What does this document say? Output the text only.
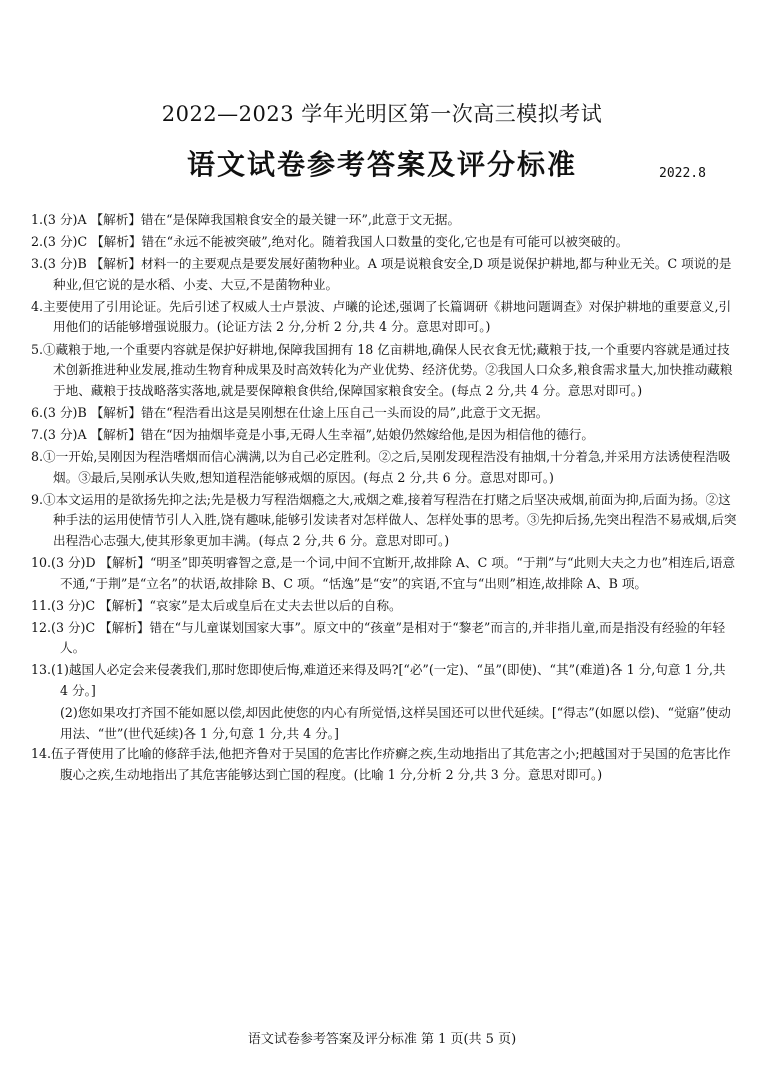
2022—2023 学年光明区第一次高三模拟考试
语文试卷参考答案及评分标准	2022.8

1.(3 分)A 【解析】错在“是保障我国粮食安全的最关键一环”,此意于文无据。

2.(3 分)C 【解析】错在“永远不能被突破”,绝对化。随着我国人口数量的变化,它也是有可能可以被突破的。

3.(3 分)B 【解析】材料一的主要观点是要发展好菌物种业。A 项是说粮食安全,D 项是说保护耕地,都与种业无关。C 项说的是种业,但它说的是水稻、小麦、大豆,不是菌物种业。

4.主要使用了引用论证。先后引述了权威人士卢景波、卢曦的论述,强调了长篇调研《耕地问题调查》对保护耕地的重要意义,引用他们的话能够增强说服力。(论证方法 2 分,分析 2 分,共 4 分。意思对即可。)

5.①藏粮于地,一个重要内容就是保护好耕地,保障我国拥有 18 亿亩耕地,确保人民衣食无忧;藏粮于技,一个重要内容就是通过技术创新推进种业发展,推动生物育种成果及时高效转化为产业优势、经济优势。②我国人口众多,粮食需求量大,加快推动藏粮于地、藏粮于技战略落实落地,就是要保障粮食供给,保障国家粮食安全。(每点 2 分,共 4 分。意思对即可。)

6.(3 分)B 【解析】错在“程浩看出这是吴刚想在仕途上压自己一头而设的局”,此意于文无据。

7.(3 分)A 【解析】错在“因为抽烟毕竟是小事,无碍人生幸福”,姑娘仍然嫁给他,是因为相信他的德行。

8.①一开始,吴刚因为程浩嗜烟而信心满满,以为自己必定胜利。②之后,吴刚发现程浩没有抽烟,十分着急,并采用方法诱使程浩吸烟。③最后,吴刚承认失败,想知道程浩能够戒烟的原因。(每点 2 分,共 6 分。意思对即可。)

9.①本文运用的是欲扬先抑之法;先是极力写程浩烟瘾之大,戒烟之难,接着写程浩在打赌之后坚决戒烟,前面为抑,后面为扬。②这种手法的运用使情节引人入胜,饶有趣味,能够引发读者对怎样做人、怎样处事的思考。③先抑后扬,先突出程浩不易戒烟,后突出程浩心志强大,使其形象更加丰满。(每点 2 分,共 6 分。意思对即可。)

10.(3 分)D 【解析】“明圣”即英明睿智之意,是一个词,中间不宜断开,故排除 A、C 项。“于荆”与“此则大夫之力也”相连后,语意不通,“于荆”是“立名”的状语,故排除 B、C 项。“恬逸”是“安”的宾语,不宜与“出则”相连,故排除 A、B 项。

11.(3 分)C 【解析】“哀家”是太后或皇后在丈夫去世以后的自称。

12.(3 分)C 【解析】错在“与儿童谋划国家大事”。原文中的“孩童”是相对于“黎老”而言的,并非指儿童,而是指没有经验的年轻人。

13.(1)越国人必定会来侵袭我们,那时您即使后悔,难道还来得及吗?[“必”(一定)、“虽”(即使)、“其”(难道)各 1 分,句意 1 分,共 4 分。]

(2)您如果攻打齐国不能如愿以偿,却因此使您的内心有所觉悟,这样吴国还可以世代延续。[“得志”(如愿以偿)、“觉寤”使动用法、“世”(世代延续)各 1 分,句意 1 分,共 4 分。]

14.伍子胥使用了比喻的修辞手法,他把齐鲁对于吴国的危害比作疥癣之疾,生动地指出了其危害之小;把越国对于吴国的危害比作腹心之疾,生动地指出了其危害能够达到亡国的程度。(比喻 1 分,分析 2 分,共 3 分。意思对即可。)

语文试卷参考答案及评分标准 第 1 页(共 5 页)
